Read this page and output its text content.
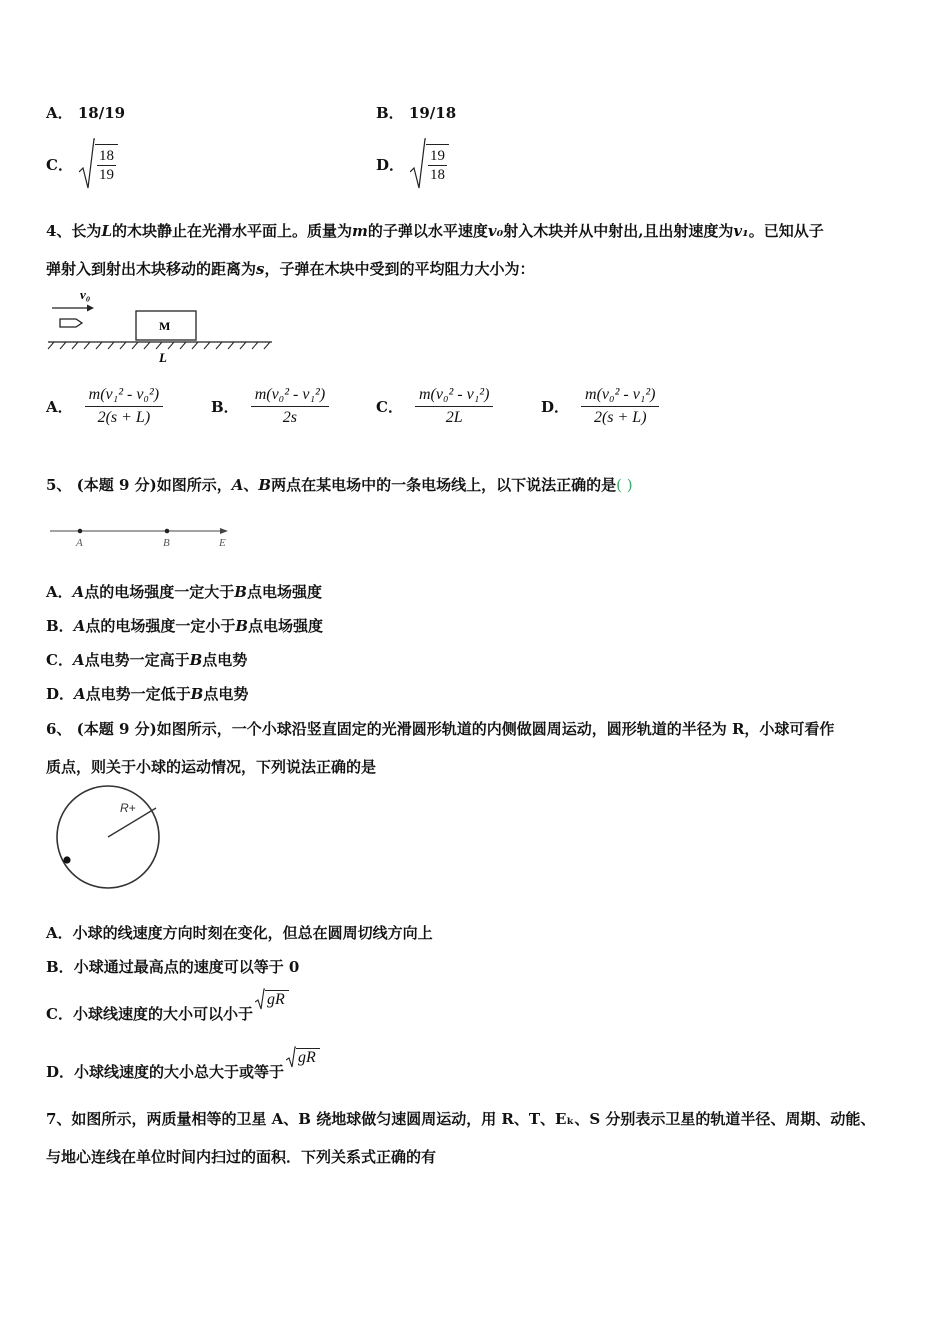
A． 18/19	B． 19/18
C． $\frac{18}{19}$	D． $\frac{19}{18}$
4、长为L的木块静止在光滑水平面上。质量为m的子弹以水平速度v₀射入木块并从中射出,且出射速度为v₁。已知从子
弹射入到射出木块移动的距离为s，子弹在木块中受到的平均阻力大小为：
v₀
M
L
A． $\frac{\text{m(v₁² - v₀²)}}{2(s + L)}$	B． $\frac{\text{m(v₀² - v₁²)}}{2s}$	C． $\frac{\text{m(v₀² - v₁²)}}{2L}$	D． $\frac{\text{m(v₀² - v₁²)}}{2(s + L)}$
5、 (本题 9 分)如图所示，A、B两点在某电场中的一条电场线上，以下说法正确的是( )
A	B	E
A．A点的电场强度一定大于B点电场强度
B．A点的电场强度一定小于B点电场强度
C．A点电势一定高于B点电势
D．A点电势一定低于B点电势
6、 (本题 9 分)如图所示，一个小球沿竖直固定的光滑圆形轨道的内侧做圆周运动，圆形轨道的半径为 R，小球可看作
质点，则关于小球的运动情况，下列说法正确的是
R+
A．小球的线速度方向时刻在变化，但总在圆周切线方向上
B．小球通过最高点的速度可以等于 0
C． 小球线速度的大小可以小于
gR
D． 小球线速度的大小总大于或等于
gR
7、如图所示，两质量相等的卫星 A、B 绕地球做匀速圆周运动，用 R、T、Eₖ、S 分别表示卫星的轨道半径、周期、动能、
与地心连线在单位时间内扫过的面积．下列关系式正确的有
